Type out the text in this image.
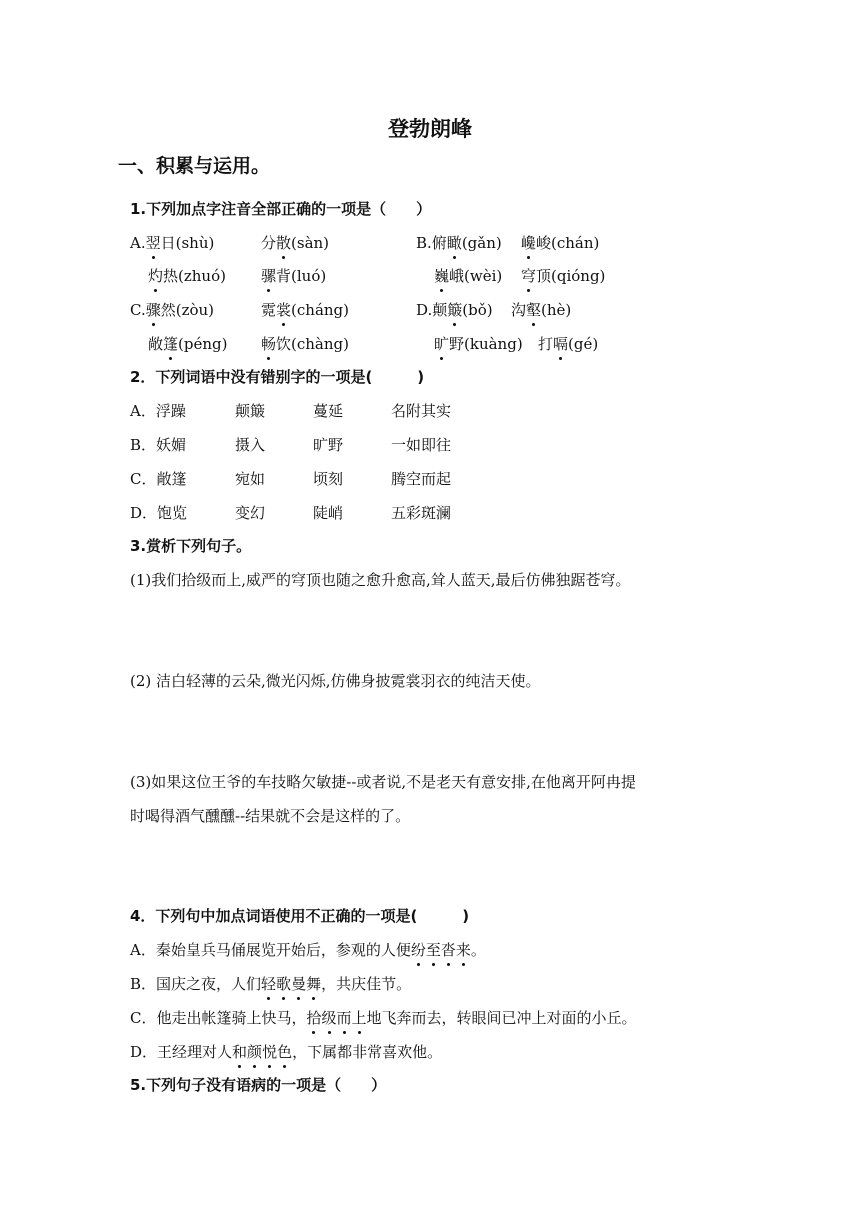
登勃朗峰
一、积累与运用。
1.下列加点字注音全部正确的一项是（　　）
A.翌日(shù)	分散(sàn)	B.俯瞰(gǎn) 巉峻(chán)
灼热(zhuó) 骡背(luó)	巍峨(wèi) 穹顶(qióng)
C.骤然(zòu)	霓裳(cháng)	D.颠簸(bǒ) 沟壑(hè)
敞篷(péng) 畅饮(chàng)	旷野(kuàng) 打嗝(gé)
2．下列词语中没有错别字的一项是(　　　)
A．浮躁	颠簸	蔓延	名附其实
B．妖媚	摄入	旷野	一如即往
C．敞篷	宛如	顷刻	腾空而起
D．饱览	变幻	陡峭	五彩斑澜
3.赏析下列句子。
(1)我们拾级而上,威严的穹顶也随之愈升愈高,耸人蓝天,最后仿佛独踞苍穹。
(2) 洁白轻薄的云朵,微光闪烁,仿佛身披霓裳羽衣的纯洁天使。
(3)如果这位王爷的车技略欠敏捷--或者说,不是老天有意安排,在他离开阿冉提
时喝得酒气醺醺--结果就不会是这样的了。
4．下列句中加点词语使用不正确的一项是(　　　)
A．秦始皇兵马俑展览开始后，参观的人便纷至沓来。
B．国庆之夜，人们轻歌曼舞，共庆佳节。
C．他走出帐篷骑上快马，拾级而上地飞奔而去，转眼间已冲上对面的小丘。
D．王经理对人和颜悦色，下属都非常喜欢他。
5.下列句子没有语病的一项是（　　）
